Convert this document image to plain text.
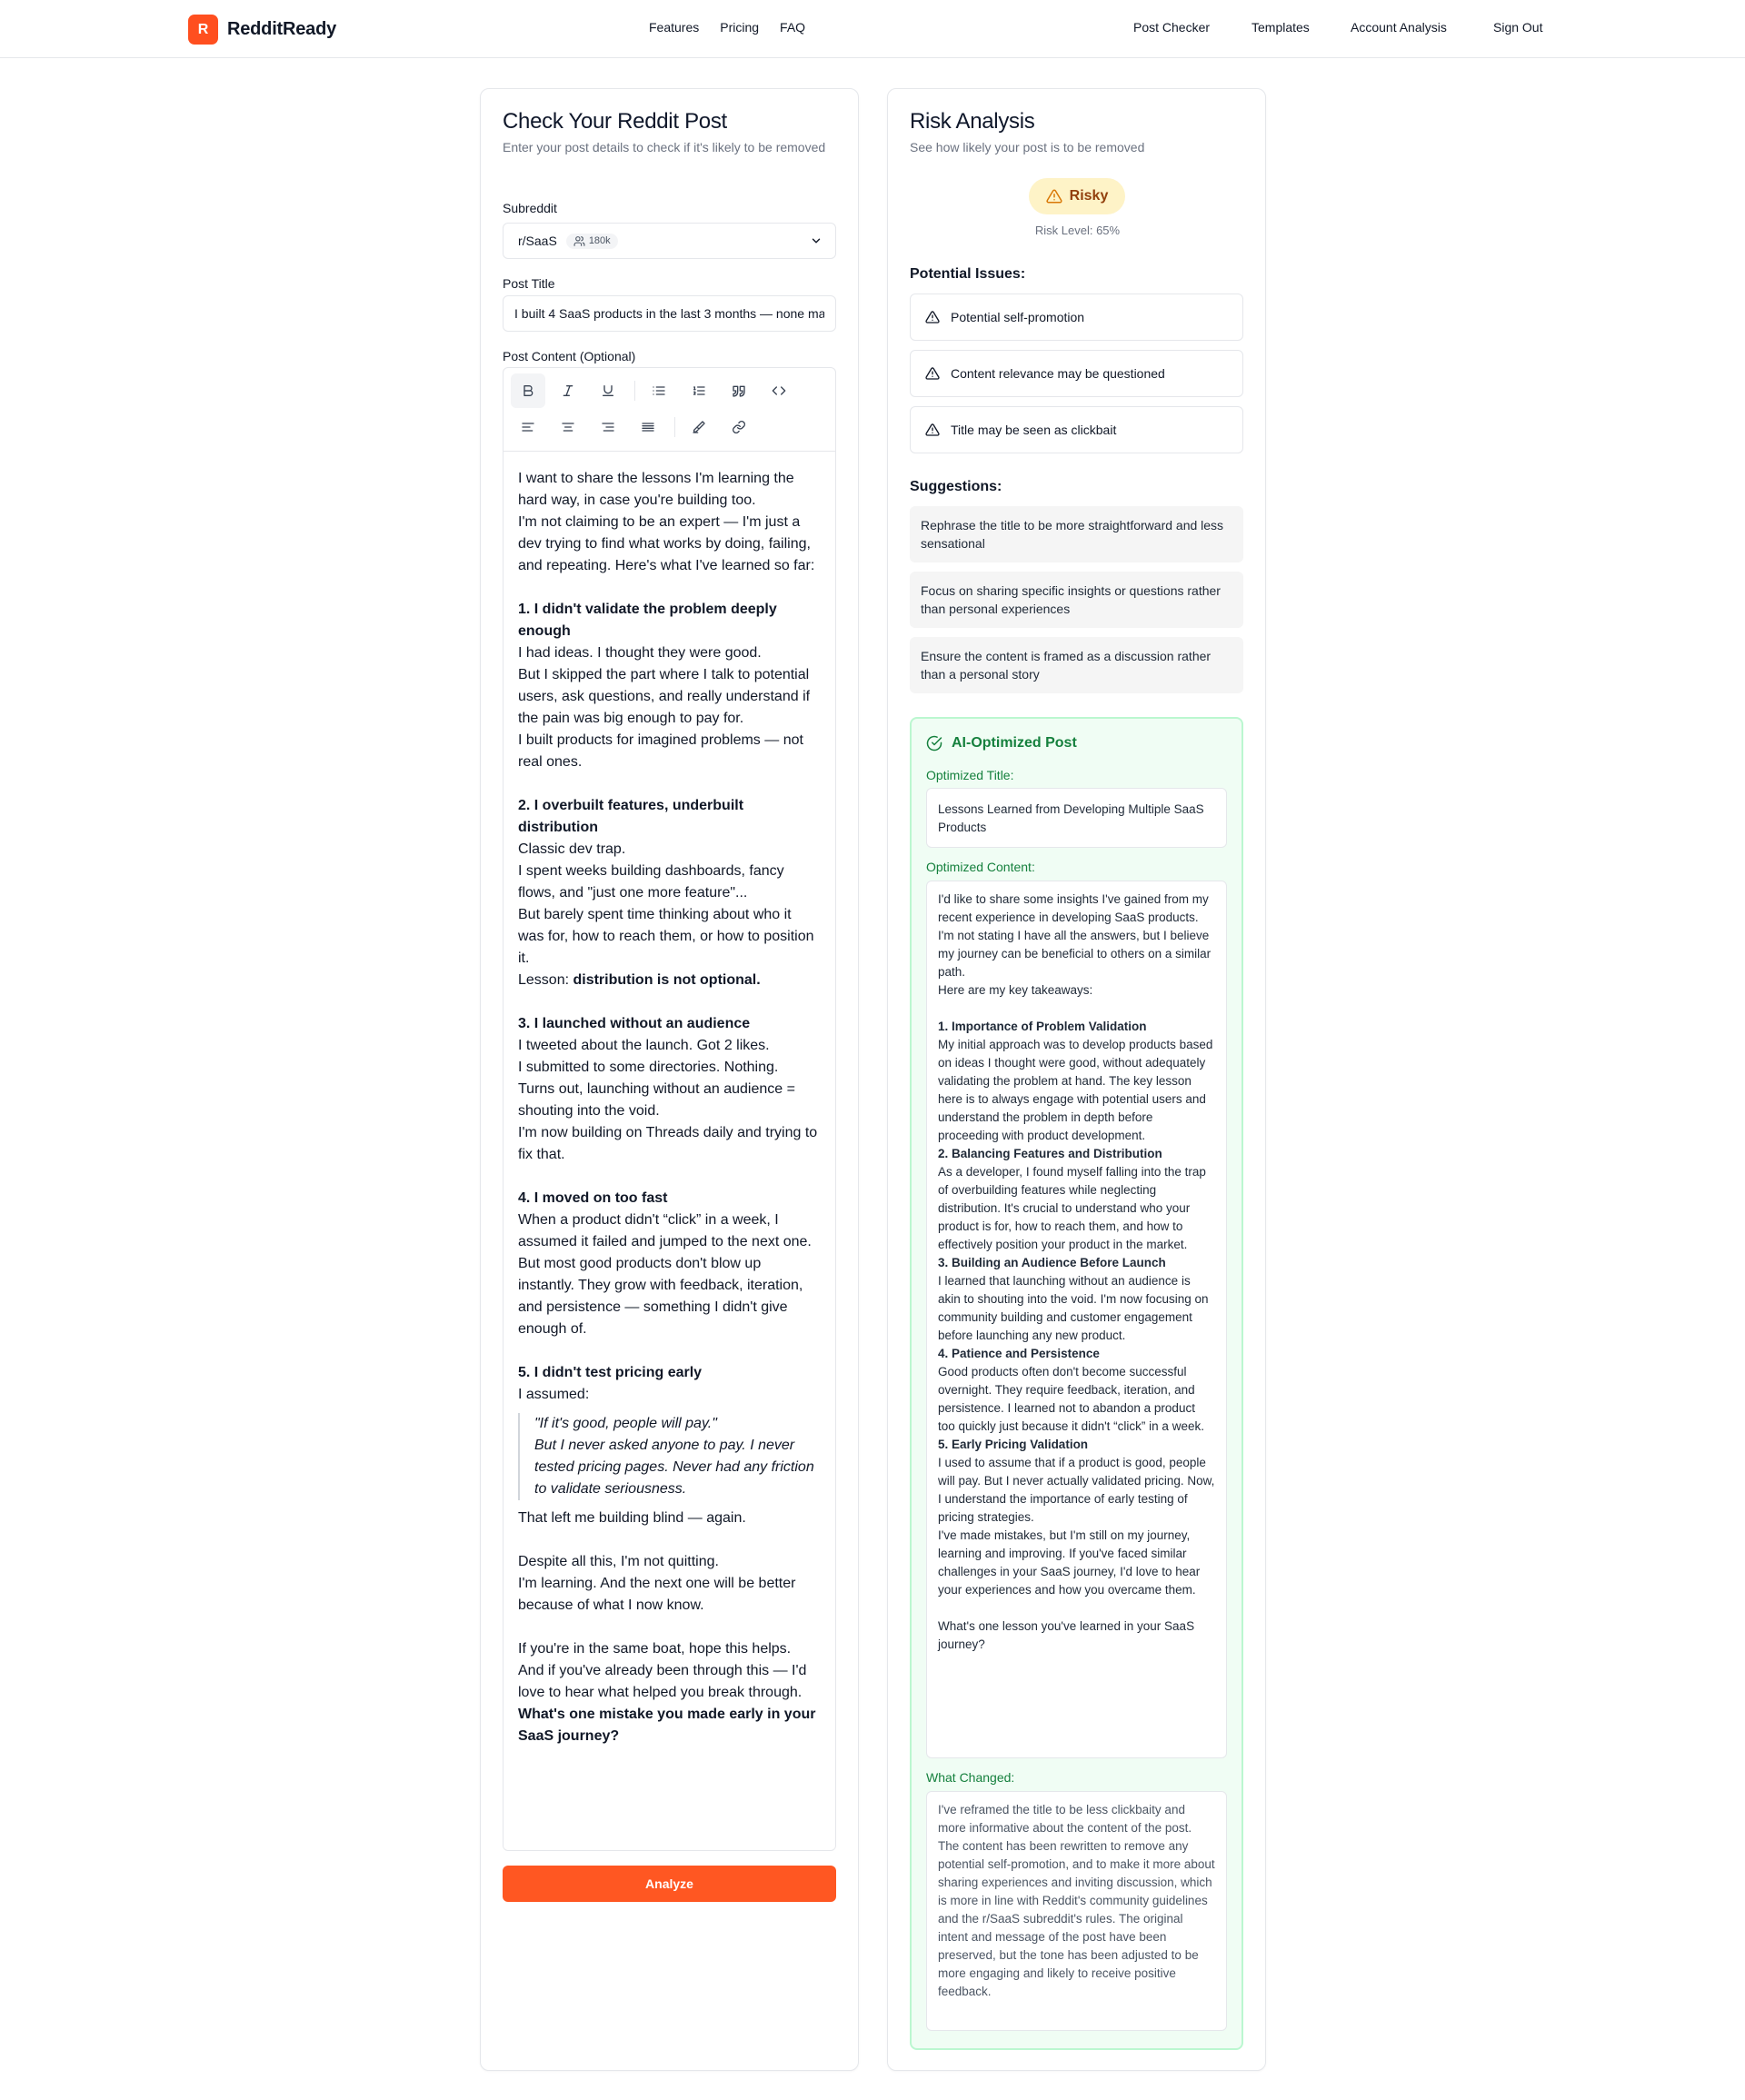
R	RedditReady	Features Pricing FAQ	Post Checker	Templates	Account Analysis	Sign Out
Check Your Reddit Post
Enter your post details to check if it's likely to be removed
Subreddit
r/SaaS	180k
Post Title
I built 4 SaaS products in the last 3 months — none made money. Here's what I learned
Post Content (Optional)

I want to share the lessons I'm learning the hard way, in case you're building too.

I'm not claiming to be an expert — I'm just a dev trying to find what works by doing, failing, and repeating. Here's what I've learned so far:

1. I didn't validate the problem deeply enough

I had ideas. I thought they were good.

But I skipped the part where I talk to potential users, ask questions, and really understand if the pain was big enough to pay for.

I built products for imagined problems — not real ones.

2. I overbuilt features, underbuilt distribution

Classic dev trap.

I spent weeks building dashboards, fancy flows, and "just one more feature"...

But barely spent time thinking about who it was for, how to reach them, or how to position it.

Lesson: distribution is not optional.

3. I launched without an audience

I tweeted about the launch. Got 2 likes.

I submitted to some directories. Nothing.

Turns out, launching without an audience = shouting into the void.

I'm now building on Threads daily and trying to fix that.

4. I moved on too fast

When a product didn't “click” in a week, I assumed it failed and jumped to the next one.

But most good products don't blow up instantly. They grow with feedback, iteration, and persistence — something I didn't give enough of.

5. I didn't test pricing early

I assumed:

"If it's good, people will pay."

But I never asked anyone to pay. I never tested pricing pages. Never had any friction to validate seriousness.

That left me building blind — again.

Despite all this, I'm not quitting.

I'm learning. And the next one will be better because of what I now know.

If you're in the same boat, hope this helps.

And if you've already been through this — I'd love to hear what helped you break through.

What's one mistake you made early in your SaaS journey?

Analyze
Risk Analysis
See how likely your post is to be removed
Risky
Risk Level: 65%
Potential Issues:
Potential self-promotion
Content relevance may be questioned
Title may be seen as clickbait
Suggestions:
Rephrase the title to be more straightforward and less sensational
Focus on sharing specific insights or questions rather than personal experiences
Ensure the content is framed as a discussion rather than a personal story
AI-Optimized Post
Optimized Title:
Lessons Learned from Developing Multiple SaaS Products
Optimized Content:

I'd like to share some insights I've gained from my recent experience in developing SaaS products. I'm not stating I have all the answers, but I believe my journey can be beneficial to others on a similar path.

Here are my key takeaways:

1. Importance of Problem Validation

My initial approach was to develop products based on ideas I thought were good, without adequately validating the problem at hand. The key lesson here is to always engage with potential users and understand the problem in depth before proceeding with product development.

2. Balancing Features and Distribution

As a developer, I found myself falling into the trap of overbuilding features while neglecting distribution. It's crucial to understand who your product is for, how to reach them, and how to effectively position your product in the market.

3. Building an Audience Before Launch

I learned that launching without an audience is akin to shouting into the void. I'm now focusing on community building and customer engagement before launching any new product.

4. Patience and Persistence

Good products often don't become successful overnight. They require feedback, iteration, and persistence. I learned not to abandon a product too quickly just because it didn't “click” in a week.

5. Early Pricing Validation

I used to assume that if a product is good, people will pay. But I never actually validated pricing. Now, I understand the importance of early testing of pricing strategies.

I've made mistakes, but I'm still on my journey, learning and improving. If you've faced similar challenges in your SaaS journey, I'd love to hear your experiences and how you overcame them.

What's one lesson you've learned in your SaaS journey?

What Changed:
I've reframed the title to be less clickbaity and more informative about the content of the post. The content has been rewritten to remove any potential self-promotion, and to make it more about sharing experiences and inviting discussion, which is more in line with Reddit's community guidelines and the r/SaaS subreddit's rules. The original intent and message of the post have been preserved, but the tone has been adjusted to be more engaging and likely to receive positive feedback.
